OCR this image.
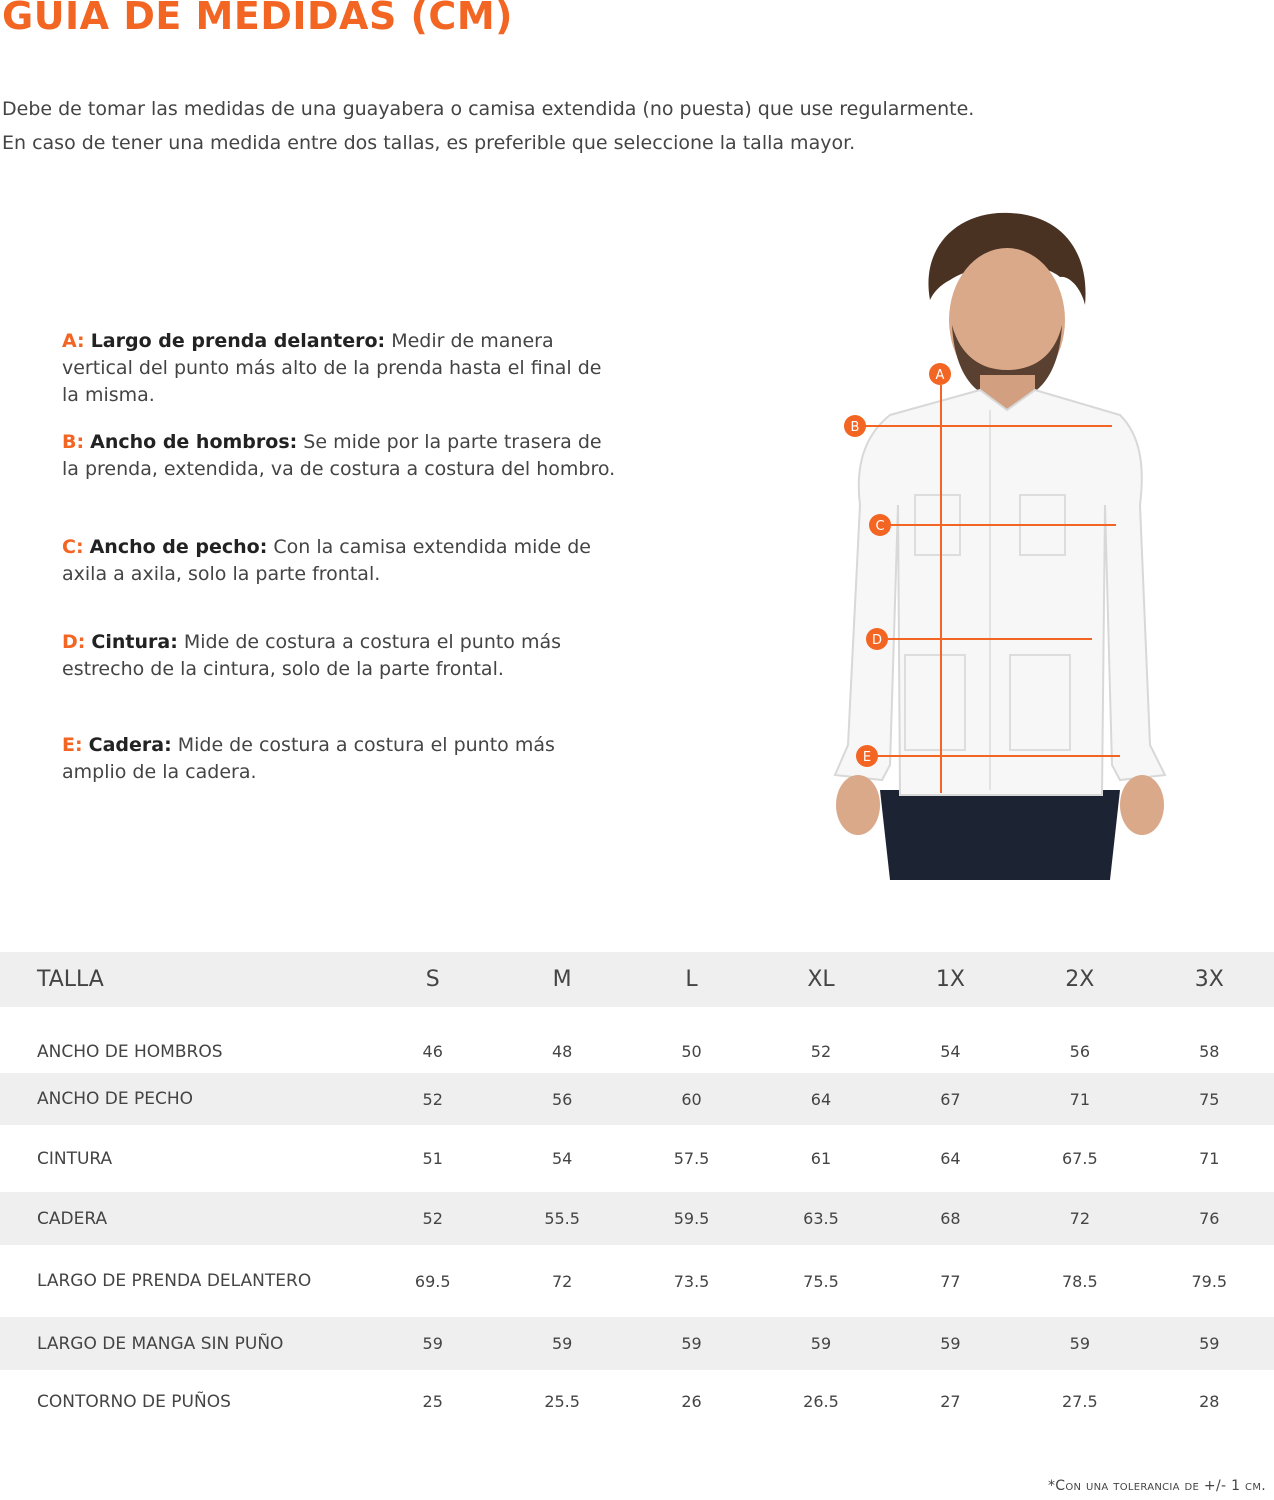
GUIA DE MEDIDAS (CM)

Debe de tomar las medidas de una guayabera o camisa extendida (no puesta) que use regularmente.

En caso de tener una medida entre dos tallas, es preferible que seleccione la talla mayor.

A: Largo de prenda delantero: Medir de manera vertical del punto más alto de la prenda hasta el final de la misma.

B: Ancho de hombros: Se mide por la parte trasera de la prenda, extendida, va de costura a costura del hombro.

C: Ancho de pecho: Con la camisa extendida mide de axila a axila, solo la parte frontal.

D: Cintura: Mide de costura a costura el punto más estrecho de la cintura, solo de la parte frontal.

E: Cadera: Mide de costura a costura el punto más amplio de la cadera.

A
B
C
D
E
TALLA	S	M	L	XL	1X	2X	3X
ANCHO DE HOMBROS	46	48	50	52	54	56	58
ANCHO DE PECHO	52	56	60	64	67	71	75
CINTURA	51	54	57.5	61	64	67.5	71
CADERA	52	55.5	59.5	63.5	68	72	76
LARGO DE PRENDA DELANTERO	69.5	72	73.5	75.5	77	78.5	79.5
LARGO DE MANGA SIN PUÑO	59	59	59	59	59	59	59
CONTORNO DE PUÑOS	25	25.5	26	26.5	27	27.5	28
*Con una tolerancia de +/- 1 cm.
